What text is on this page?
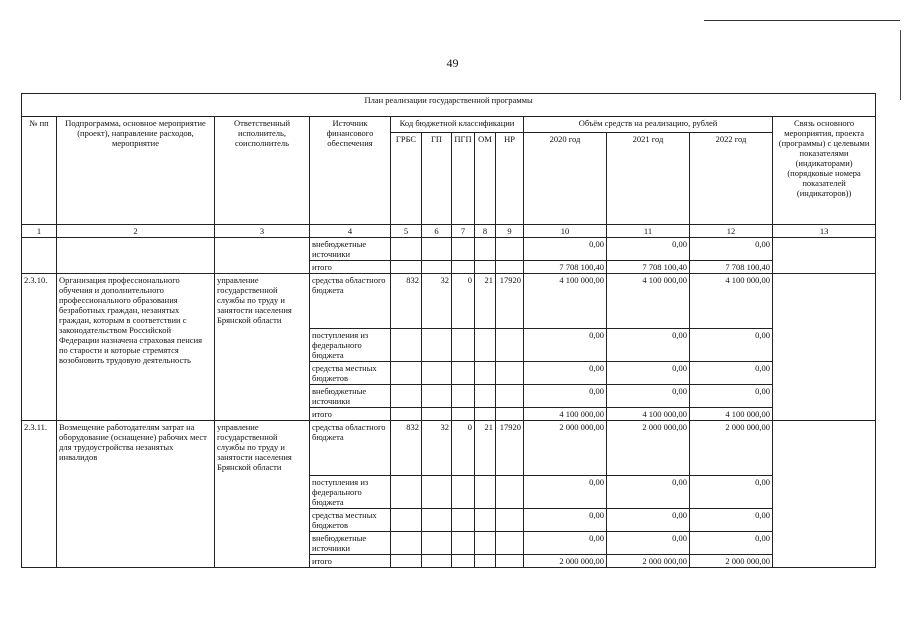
49
План реализации государственной программы												
№ пп	Подпрограмма, основное мероприятие (проект), направление расходов, мероприятие	Ответственный исполнитель, соисполнитель	Источник финансового обеспечения	Код бюджетной классификации					Объём средств на реализацию, рублей			Связь основного мероприятия, проекта (программы) с целевыми показателями (индикаторами) (порядковые номера показателей (индикаторов))
				ГРБС	ГП	ПГП	ОМ	НР	2020 год	2021 год	2022 год	
1	2	3	4	5	6	7	8	9	10	11	12	13
			внебюджетные источники						0,00	0,00	0,00	
			итого						7 708 100,40	7 708 100,40	7 708 100,40	
2.3.10.	Организация профессионального обучения и дополнительного профессионального образования безработных граждан, незанятых граждан, которым в соответствии с законодательством Российской Федерации назначена страховая пенсия по старости и которые стремятся возобновить трудовую деятельность	управление государственной службы по труду и занятости населения Брянской области	средства областного бюджета	832	32	0	21	17920	4 100 000,00	4 100 000,00	4 100 000,00	
			поступления из федерального бюджета						0,00	0,00	0,00	
			средства местных бюджетов						0,00	0,00	0,00	
			внебюджетные источники						0,00	0,00	0,00	
			итого						4 100 000,00	4 100 000,00	4 100 000,00	
2.3.11.	Возмещение работодателям затрат на оборудование (оснащение) рабочих мест для трудоустройства незанятых инвалидов	управление государственной службы по труду и занятости населения Брянской области	средства областного бюджета	832	32	0	21	17920	2 000 000,00	2 000 000,00	2 000 000,00	
			поступления из федерального бюджета						0,00	0,00	0,00	
			средства местных бюджетов						0,00	0,00	0,00	
			внебюджетные источники						0,00	0,00	0,00	
			итого						2 000 000,00	2 000 000,00	2 000 000,00	
